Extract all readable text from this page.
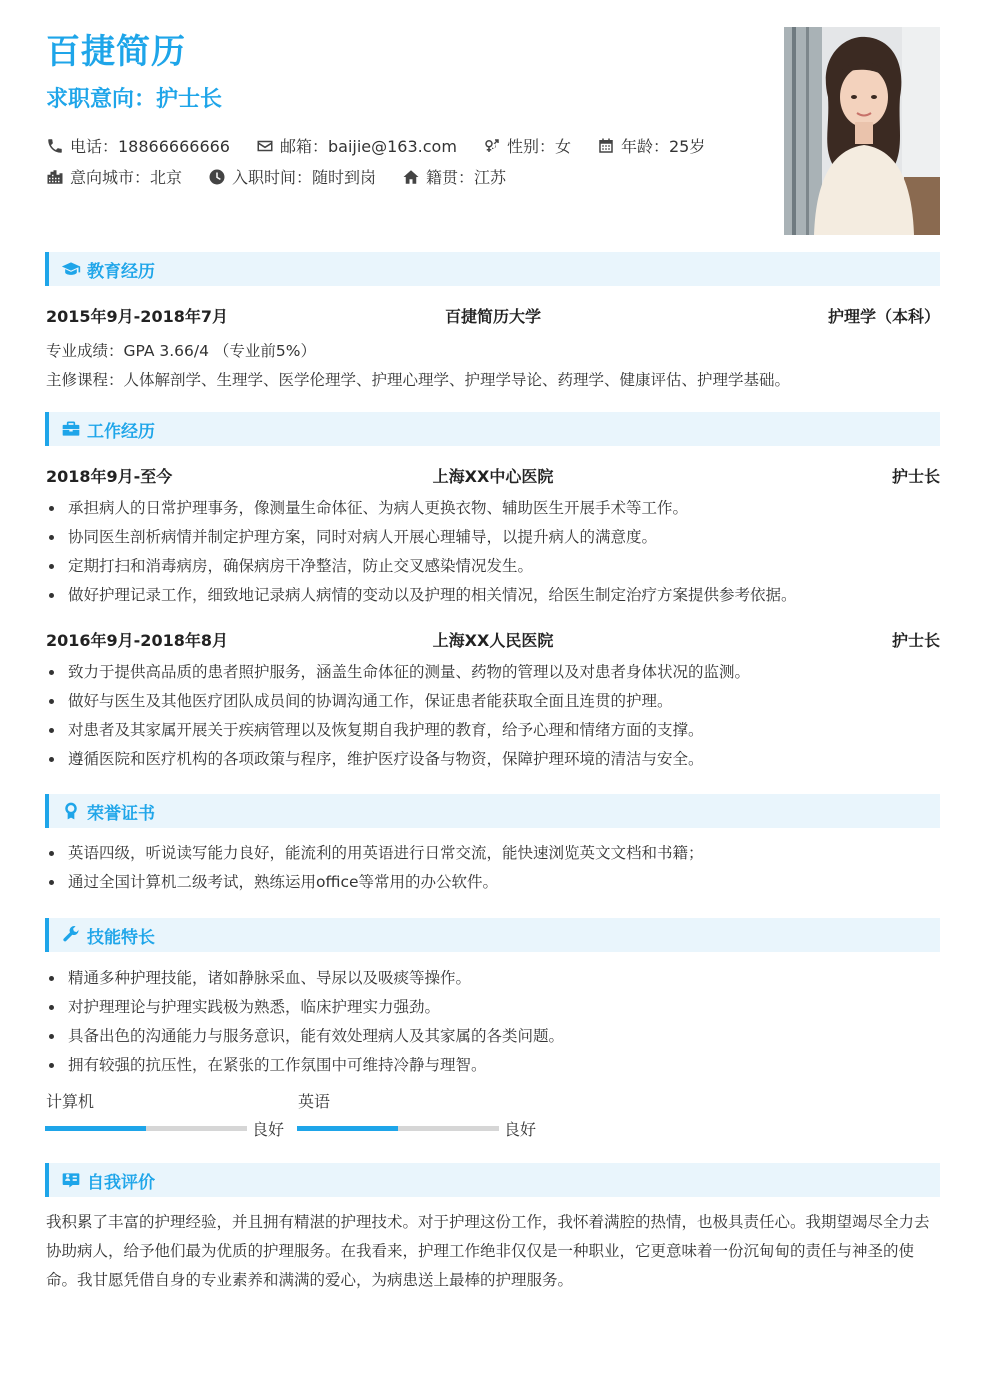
百捷简历
求职意向：护士长
电话：18866666666	邮箱：baijie@163.com	性别：女	年龄：25岁
意向城市：北京	入职时间：随时到岗	籍贯：江苏
教育经历
2015年9月-2018年7月	百捷简历大学	护理学（本科）
专业成绩：GPA 3.66/4 （专业前5%）
主修课程：人体解剖学、生理学、医学伦理学、护理心理学、护理学导论、药理学、健康评估、护理学基础。
工作经历
2018年9月-至今	上海XX中心医院	护士长
承担病人的日常护理事务，像测量生命体征、为病人更换衣物、辅助医生开展手术等工作。
协同医生剖析病情并制定护理方案，同时对病人开展心理辅导，以提升病人的满意度。
定期打扫和消毒病房，确保病房干净整洁，防止交叉感染情况发生。
做好护理记录工作，细致地记录病人病情的变动以及护理的相关情况，给医生制定治疗方案提供参考依据。
2016年9月-2018年8月	上海XX人民医院	护士长
致力于提供高品质的患者照护服务，涵盖生命体征的测量、药物的管理以及对患者身体状况的监测。
做好与医生及其他医疗团队成员间的协调沟通工作，保证患者能获取全面且连贯的护理。
对患者及其家属开展关于疾病管理以及恢复期自我护理的教育，给予心理和情绪方面的支撑。
遵循医院和医疗机构的各项政策与程序，维护医疗设备与物资，保障护理环境的清洁与安全。
荣誉证书
英语四级，听说读写能力良好，能流利的用英语进行日常交流，能快速浏览英文文档和书籍；
通过全国计算机二级考试，熟练运用office等常用的办公软件。
技能特长
精通多种护理技能，诸如静脉采血、导尿以及吸痰等操作。
对护理理论与护理实践极为熟悉，临床护理实力强劲。
具备出色的沟通能力与服务意识，能有效处理病人及其家属的各类问题。
拥有较强的抗压性，在紧张的工作氛围中可维持冷静与理智。
计算机
良好
英语
良好
自我评价
我积累了丰富的护理经验，并且拥有精湛的护理技术。对于护理这份工作，我怀着满腔的热情，也极具责任心。我期望竭尽全力去协助病人，给予他们最为优质的护理服务。在我看来，护理工作绝非仅仅是一种职业，它更意味着一份沉甸甸的责任与神圣的使命。我甘愿凭借自身的专业素养和满满的爱心，为病患送上最棒的护理服务。
